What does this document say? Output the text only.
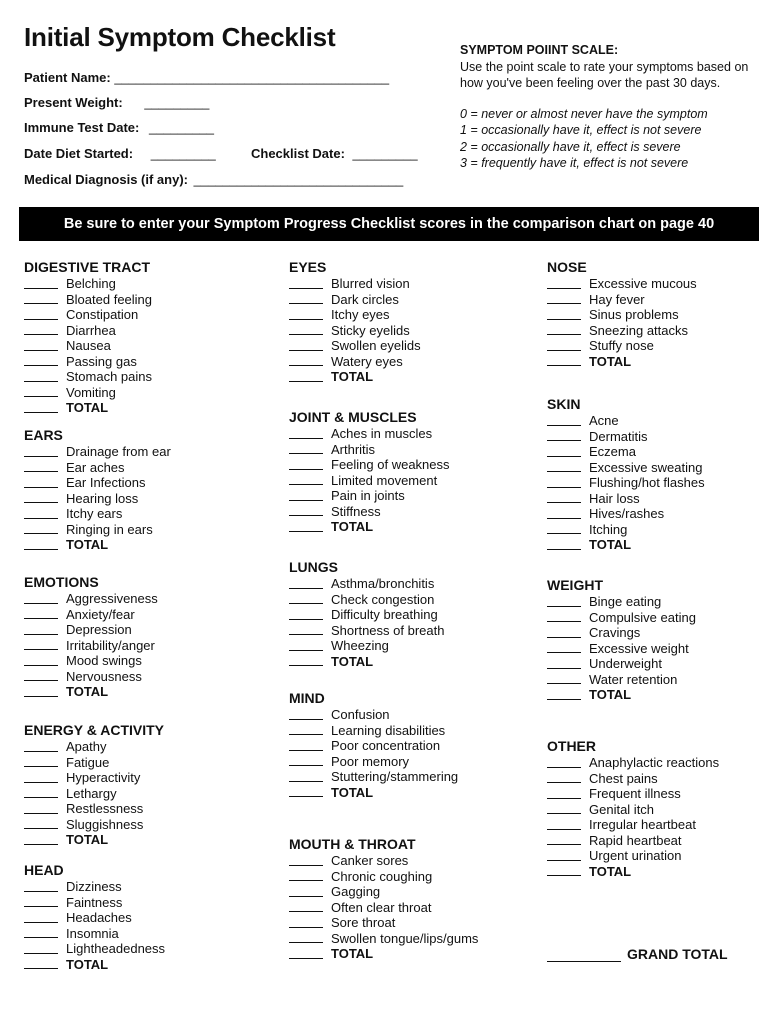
Initial Symptom Checklist
Patient Name: ______________________________________
Present Weight: _________
Immune Test Date: _________
Date Diet Started: _________	Checklist Date: _________
Medical Diagnosis (if any): _____________________________
SYMPTOM POIINT SCALE:
Use the point scale to rate your symptoms based on how you've been feeling over the past 30 days.
0 = never or almost never have the symptom
1 = occasionally have it, effect is not severe
2 = occasionally have it, effect is severe
3 = frequently have it, effect is not severe
Be sure to enter your Symptom Progress Checklist scores in the comparison chart on page 40
DIGESTIVE TRACT
Belching
Bloated feeling
Constipation
Diarrhea
Nausea
Passing gas
Stomach pains
Vomiting
TOTAL
EARS
Drainage from ear
Ear aches
Ear Infections
Hearing loss
Itchy ears
Ringing in ears
TOTAL
EMOTIONS
Aggressiveness
Anxiety/fear
Depression
Irritability/anger
Mood swings
Nervousness
TOTAL
ENERGY & ACTIVITY
Apathy
Fatigue
Hyperactivity
Lethargy
Restlessness
Sluggishness
TOTAL
HEAD
Dizziness
Faintness
Headaches
Insomnia
Lightheadedness
TOTAL
EYES
Blurred vision
Dark circles
Itchy eyes
Sticky eyelids
Swollen eyelids
Watery eyes
TOTAL
JOINT & MUSCLES
Aches in muscles
Arthritis
Feeling of weakness
Limited movement
Pain in joints
Stiffness
TOTAL
LUNGS
Asthma/bronchitis
Check congestion
Difficulty breathing
Shortness of breath
Wheezing
TOTAL
MIND
Confusion
Learning disabilities
Poor concentration
Poor memory
Stuttering/stammering
TOTAL
MOUTH & THROAT
Canker sores
Chronic coughing
Gagging
Often clear throat
Sore throat
Swollen tongue/lips/gums
TOTAL
NOSE
Excessive mucous
Hay fever
Sinus problems
Sneezing attacks
Stuffy nose
TOTAL
SKIN
Acne
Dermatitis
Eczema
Excessive sweating
Flushing/hot flashes
Hair loss
Hives/rashes
Itching
TOTAL
WEIGHT
Binge eating
Compulsive eating
Cravings
Excessive weight
Underweight
Water retention
TOTAL
OTHER
Anaphylactic reactions
Chest pains
Frequent illness
Genital itch
Irregular heartbeat
Rapid heartbeat
Urgent urination
TOTAL
GRAND TOTAL
